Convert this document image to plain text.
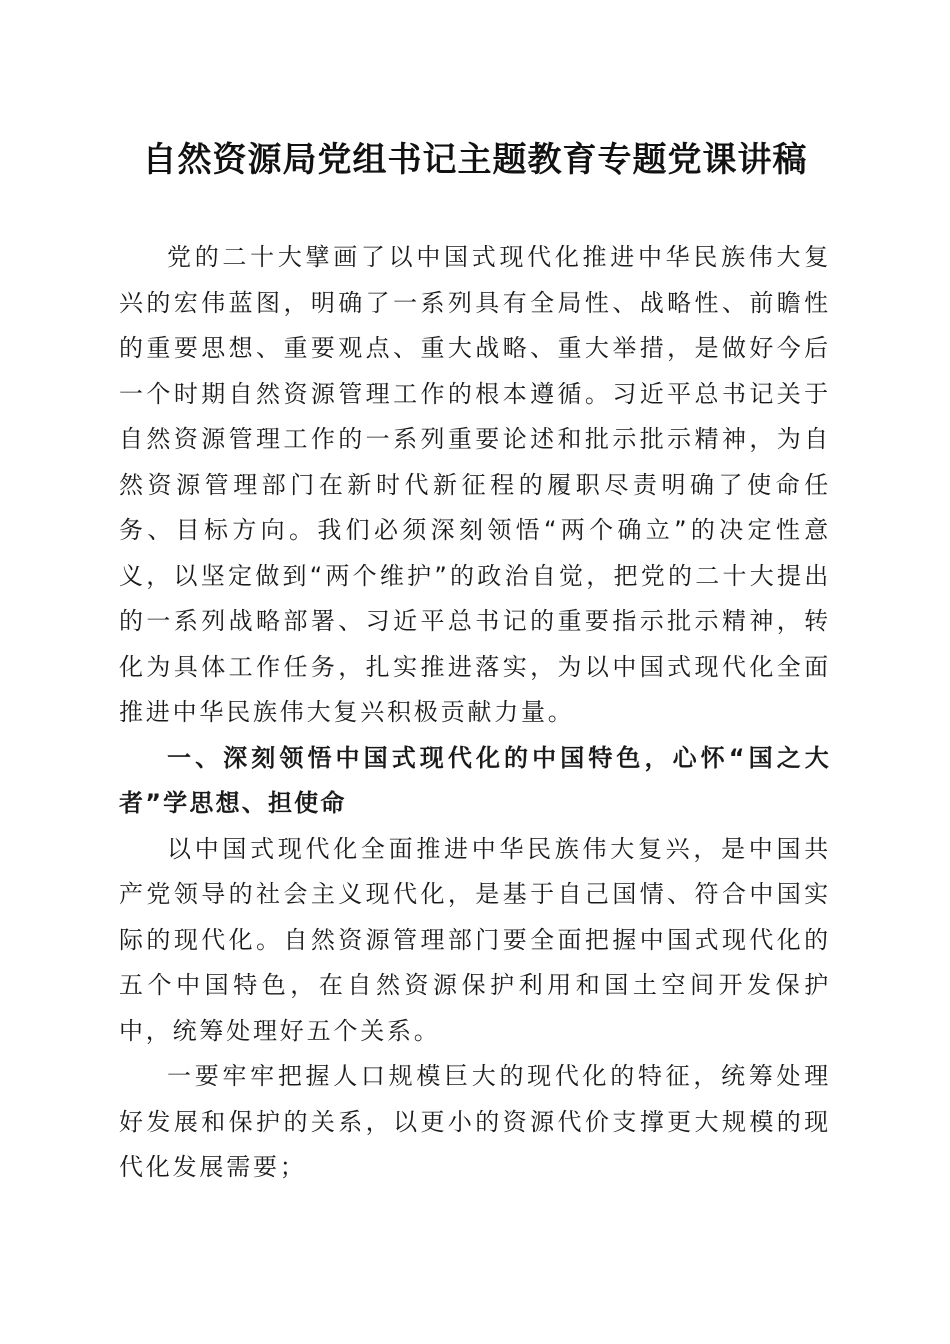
自然资源局党组书记主题教育专题党课讲稿

党的二十大擘画了以中国式现代化推进中华民族伟大复兴的宏伟蓝图，明确了一系列具有全局性、战略性、前瞻性的重要思想、重要观点、重大战略、重大举措，是做好今后一个时期自然资源管理工作的根本遵循。习近平总书记关于自然资源管理工作的一系列重要论述和批示批示精神，为自然资源管理部门在新时代新征程的履职尽责明确了使命任务、目标方向。我们必须深刻领悟“两个确立”的决定性意义，以坚定做到“两个维护”的政治自觉，把党的二十大提出的一系列战略部署、习近平总书记的重要指示批示精神，转化为具体工作任务，扎实推进落实，为以中国式现代化全面推进中华民族伟大复兴积极贡献力量。

一、深刻领悟中国式现代化的中国特色，心怀“国之大者”学思想、担使命

以中国式现代化全面推进中华民族伟大复兴，是中国共产党领导的社会主义现代化，是基于自己国情、符合中国实际的现代化。自然资源管理部门要全面把握中国式现代化的五个中国特色，在自然资源保护利用和国土空间开发保护中，统筹处理好五个关系。

一要牢牢把握人口规模巨大的现代化的特征，统筹处理好发展和保护的关系，以更小的资源代价支撑更大规模的现代化发展需要；
